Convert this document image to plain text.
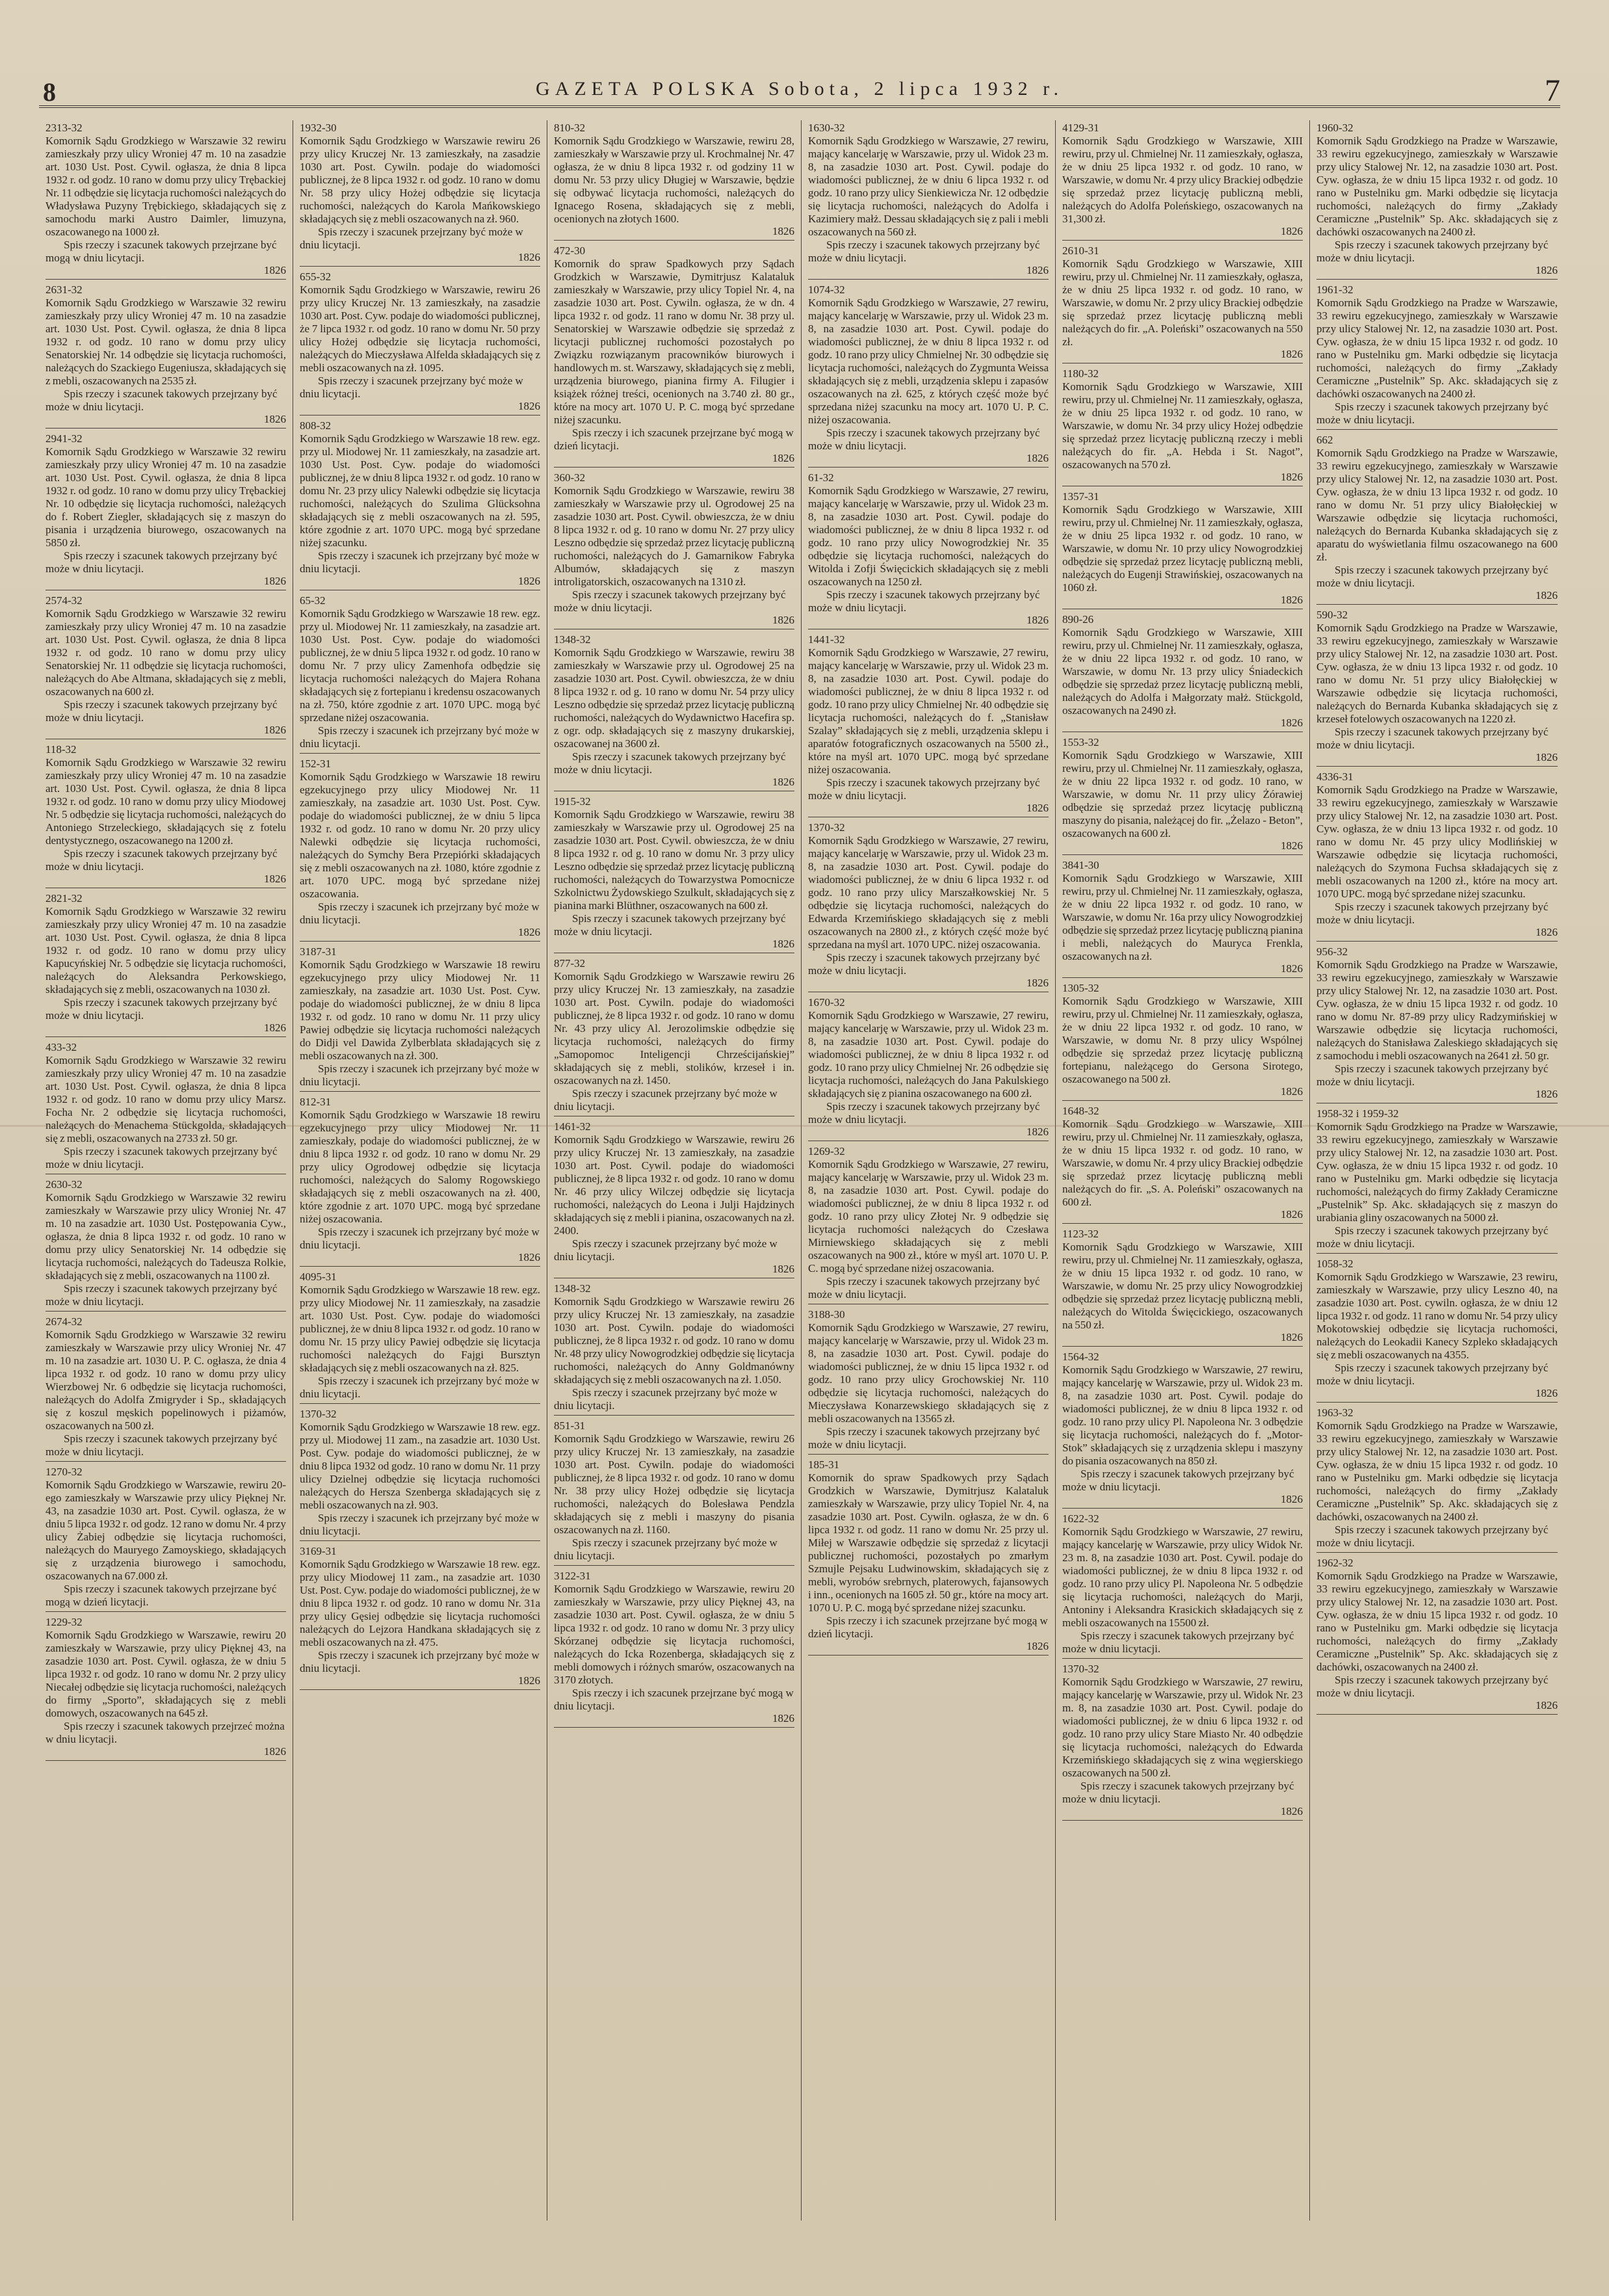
8	GAZETA POLSKA Sobota, 2 lipca 1932 r.	7
2313-32
Komornik Sądu Grodzkiego w Warszawie 32 rewiru zamieszkały przy ulicy Wroniej 47 m. 10 na zasadzie art. 1030 Ust. Post. Cywil. ogłasza, że dnia 8 lipca 1932 r. od godz. 10 rano w domu przy ulicy Trębackiej Nr. 11 odbędzie się licytacja ruchomości należących do Władysława Puzyny Trębickiego, składających się z samochodu marki Austro Daimler, limuzyna, oszacowanego na 1000 zł.
Spis rzeczy i szacunek takowych przejrzane być mogą w dniu licytacji.
1826
2631-32
Komornik Sądu Grodzkiego w Warszawie 32 rewiru zamieszkały przy ulicy Wroniej 47 m. 10 na zasadzie art. 1030 Ust. Post. Cywil. ogłasza, że dnia 8 lipca 1932 r. od godz. 10 rano w domu przy ulicy Senatorskiej Nr. 14 odbędzie się licytacja ruchomości, należących do Szackiego Eugeniusza, składających się z mebli, oszacowanych na 2535 zł.
Spis rzeczy i szacunek takowych przejrzany być może w dniu licytacji.
1826
2941-32
Komornik Sądu Grodzkiego w Warszawie 32 rewiru zamieszkały przy ulicy Wroniej 47 m. 10 na zasadzie art. 1030 Ust. Post. Cywil. ogłasza, że dnia 8 lipca 1932 r. od godz. 10 rano w domu przy ulicy Trębackiej Nr. 10 odbędzie się licytacja ruchomości, należących do f. Robert Ziegler, składających się z maszyn do pisania i urządzenia biurowego, oszacowanych na 5850 zł.
Spis rzeczy i szacunek takowych przejrzany być może w dniu licytacji.
1826
2574-32
Komornik Sądu Grodzkiego w Warszawie 32 rewiru zamieszkały przy ulicy Wroniej 47 m. 10 na zasadzie art. 1030 Ust. Post. Cywil. ogłasza, że dnia 8 lipca 1932 r. od godz. 10 rano w domu przy ulicy Senatorskiej Nr. 11 odbędzie się licytacja ruchomości, należących do Abe Altmana, składających się z mebli, oszacowanych na 600 zł.
Spis rzeczy i szacunek takowych przejrzany być może w dniu licytacji.
1826
118-32
Komornik Sądu Grodzkiego w Warszawie 32 rewiru zamieszkały przy ulicy Wroniej 47 m. 10 na zasadzie art. 1030 Ust. Post. Cywil. ogłasza, że dnia 8 lipca 1932 r. od godz. 10 rano w domu przy ulicy Miodowej Nr. 5 odbędzie się licytacja ruchomości, należących do Antoniego Strzeleckiego, składających się z fotelu dentystycznego, oszacowanego na 1200 zł.
Spis rzeczy i szacunek takowych przejrzany być może w dniu licytacji.
1826
2821-32
Komornik Sądu Grodzkiego w Warszawie 32 rewiru zamieszkały przy ulicy Wroniej 47 m. 10 na zasadzie art. 1030 Ust. Post. Cywil. ogłasza, że dnia 8 lipca 1932 r. od godz. 10 rano w domu przy ulicy Kapucyńskiej Nr. 5 odbędzie się licytacja ruchomości, należących do Aleksandra Perkowskiego, składających się z mebli, oszacowanych na 1030 zł.
Spis rzeczy i szacunek takowych przejrzany być może w dniu licytacji.
1826
433-32
Komornik Sądu Grodzkiego w Warszawie 32 rewiru zamieszkały przy ulicy Wroniej 47 m. 10 na zasadzie art. 1030 Ust. Post. Cywil. ogłasza, że dnia 8 lipca 1932 r. od godz. 10 rano w domu przy ulicy Marsz. Focha Nr. 2 odbędzie się licytacja ruchomości, należących do Menachema Stückgolda, składających się z mebli, oszacowanych na 2733 zł. 50 gr.
Spis rzeczy i szacunek takowych przejrzany być może w dniu licytacji.
2630-32
Komornik Sądu Grodzkiego w Warszawie 32 rewiru zamieszkały w Warszawie przy ulicy Wroniej Nr. 47 m. 10 na zasadzie art. 1030 Ust. Postępowania Cyw., ogłasza, że dnia 8 lipca 1932 r. od godz. 10 rano w domu przy ulicy Senatorskiej Nr. 14 odbędzie się licytacja ruchomości, należących do Tadeusza Rolkie, składających się z mebli, oszacowanych na 1100 zł.
Spis rzeczy i szacunek takowych przejrzany być może w dniu licytacji.
2674-32
Komornik Sądu Grodzkiego w Warszawie 32 rewiru zamieszkały w Warszawie przy ulicy Wroniej Nr. 47 m. 10 na zasadzie art. 1030 U. P. C. ogłasza, że dnia 4 lipca 1932 r. od godz. 10 rano w domu przy ulicy Wierzbowej Nr. 6 odbędzie się licytacja ruchomości, należących do Adolfa Zmigryder i Sp., składających się z koszul męskich popelinowych i piżamów, oszacowanych na 500 zł.
Spis rzeczy i szacunek takowych przejrzany być może w dniu licytacji.
1270-32
Komornik Sądu Grodzkiego w Warszawie, rewiru 20-ego zamieszkały w Warszawie przy ulicy Pięknej Nr. 43, na zasadzie 1030 art. Post. Cywil. ogłasza, że w dniu 5 lipca 1932 r. od godz. 12 rano w domu Nr. 4 przy ulicy Żabiej odbędzie się licytacja ruchomości, należących do Mauryego Zamoyskiego, składających się z urządzenia biurowego i samochodu, oszacowanych na 67.000 zł.
Spis rzeczy i szacunek takowych przejrzane być mogą w dzień licytacji.
1229-32
Komornik Sądu Grodzkiego w Warszawie, rewiru 20 zamieszkały w Warszawie, przy ulicy Pięknej 43, na zasadzie 1030 art. Post. Cywil. ogłasza, że w dniu 5 lipca 1932 r. od godz. 10 rano w domu Nr. 2 przy ulicy Niecałej odbędzie się licytacja ruchomości, należących do firmy „Sporto”, składających się z mebli domowych, oszacowanych na 645 zł.
Spis rzeczy i szacunek takowych przejrzeć można w dniu licytacji.
1826
1932-30
Komornik Sądu Grodzkiego w Warszawie rewiru 26 przy ulicy Kruczej Nr. 13 zamieszkały, na zasadzie 1030 art. Post. Cywiln. podaje do wiadomości publicznej, że 8 lipca 1932 r. od godz. 10 rano w domu Nr. 58 przy ulicy Hożej odbędzie się licytacja ruchomości, należących do Karola Mańkowskiego składających się z mebli oszacowanych na zł. 960.
Spis rzeczy i szacunek przejrzany być może w dniu licytacji.
1826
655-32
Komornik Sądu Grodzkiego w Warszawie, rewiru 26 przy ulicy Kruczej Nr. 13 zamieszkały, na zasadzie 1030 art. Post. Cyw. podaje do wiadomości publicznej, że 7 lipca 1932 r. od godz. 10 rano w domu Nr. 50 przy ulicy Hożej odbędzie się licytacja ruchomości, należących do Mieczysława Alfelda składających się z mebli oszacowanych na zł. 1095.
Spis rzeczy i szacunek przejrzany być może w dniu licytacji.
1826
808-32
Komornik Sądu Grodzkiego w Warszawie 18 rew. egz. przy ul. Miodowej Nr. 11 zamieszkały, na zasadzie art. 1030 Ust. Post. Cyw. podaje do wiadomości publicznej, że w dniu 8 lipca 1932 r. od godz. 10 rano w domu Nr. 23 przy ulicy Nalewki odbędzie się licytacja ruchomości, należących do Szulima Glücksohna składających się z mebli oszacowanych na zł. 595, które zgodnie z art. 1070 UPC. mogą być sprzedane niżej szacunku.
Spis rzeczy i szacunek ich przejrzany być może w dniu licytacji.
1826
65-32
Komornik Sądu Grodzkiego w Warszawie 18 rew. egz. przy ul. Miodowej Nr. 11 zamieszkały, na zasadzie art. 1030 Ust. Post. Cyw. podaje do wiadomości publicznej, że w dniu 5 lipca 1932 r. od godz. 10 rano w domu Nr. 7 przy ulicy Zamenhofa odbędzie się licytacja ruchomości należących do Majera Rohana składających się z fortepianu i kredensu oszacowanych na zł. 750, które zgodnie z art. 1070 UPC. mogą być sprzedane niżej oszacowania.
Spis rzeczy i szacunek ich przejrzany być może w dniu licytacji.
152-31
Komornik Sądu Grodzkiego w Warszawie 18 rewiru egzekucyjnego przy ulicy Miodowej Nr. 11 zamieszkały, na zasadzie art. 1030 Ust. Post. Cyw. podaje do wiadomości publicznej, że w dniu 5 lipca 1932 r. od godz. 10 rano w domu Nr. 20 przy ulicy Nalewki odbędzie się licytacja ruchomości, należących do Symchy Bera Przepiórki składających się z mebli oszacowanych na zł. 1080, które zgodnie z art. 1070 UPC. mogą być sprzedane niżej oszacowania.
Spis rzeczy i szacunek ich przejrzany być może w dniu licytacji.
1826
3187-31
Komornik Sądu Grodzkiego w Warszawie 18 rewiru egzekucyjnego przy ulicy Miodowej Nr. 11 zamieszkały, na zasadzie art. 1030 Ust. Post. Cyw. podaje do wiadomości publicznej, że w dniu 8 lipca 1932 r. od godz. 10 rano w domu Nr. 11 przy ulicy Pawiej odbędzie się licytacja ruchomości należących do Didji vel Dawida Zylberblata składających się z mebli oszacowanych na zł. 300.
Spis rzeczy i szacunek ich przejrzany być może w dniu licytacji.
812-31
Komornik Sądu Grodzkiego w Warszawie 18 rewiru egzekucyjnego przy ulicy Miodowej Nr. 11 zamieszkały, podaje do wiadomości publicznej, że w dniu 8 lipca 1932 r. od godz. 10 rano w domu Nr. 29 przy ulicy Ogrodowej odbędzie się licytacja ruchomości, należących do Salomy Rogowskiego składających się z mebli oszacowanych na zł. 400, które zgodnie z art. 1070 UPC. mogą być sprzedane niżej oszacowania.
Spis rzeczy i szacunek ich przejrzany być może w dniu licytacji.
1826
4095-31
Komornik Sądu Grodzkiego w Warszawie 18 rew. egz. przy ulicy Miodowej Nr. 11 zamieszkały, na zasadzie art. 1030 Ust. Post. Cyw. podaje do wiadomości publicznej, że w dniu 8 lipca 1932 r. od godz. 10 rano w domu Nr. 15 przy ulicy Pawiej odbędzie się licytacja ruchomości należących do Fajgi Bursztyn składających się z mebli oszacowanych na zł. 825.
Spis rzeczy i szacunek ich przejrzany być może w dniu licytacji.
1370-32
Komornik Sądu Grodzkiego w Warszawie 18 rew. egz. przy ul. Miodowej 11 zam., na zasadzie art. 1030 Ust. Post. Cyw. podaje do wiadomości publicznej, że w dniu 8 lipca 1932 od godz. 10 rano w domu Nr. 11 przy ulicy Dzielnej odbędzie się licytacja ruchomości należących do Herszа Szenberga składających się z mebli oszacowanych na zł. 903.
Spis rzeczy i szacunek ich przejrzany być może w dniu licytacji.
3169-31
Komornik Sądu Grodzkiego w Warszawie 18 rew. egz. przy ulicy Miodowej 11 zam., na zasadzie art. 1030 Ust. Post. Cyw. podaje do wiadomości publicznej, że w dniu 8 lipca 1932 r. od godz. 10 rano w domu Nr. 31a przy ulicy Gęsiej odbędzie się licytacja ruchomości należących do Lejzora Handkana składających się z mebli oszacowanych na zł. 475.
Spis rzeczy i szacunek ich przejrzany być może w dniu licytacji.
1826
810-32
Komornik Sądu Grodzkiego w Warszawie, rewiru 28, zamieszkały w Warszawie przy ul. Krochmalnej Nr. 47 ogłasza, że w dniu 8 lipca 1932 r. od godziny 11 w domu Nr. 53 przy ulicy Długiej w Warszawie, będzie się odbywać licytacja ruchomości, należących do Ignacego Rosena, składających się z mebli, ocenionych na złotych 1600.
1826
472-30
Komornik do spraw Spadkowych przy Sądach Grodzkich w Warszawie, Dymitrjusz Kalataluk zamieszkały w Warszawie, przy ulicy Topiel Nr. 4, na zasadzie 1030 art. Post. Cywiln. ogłasza, że w dn. 4 lipca 1932 r. od godz. 11 rano w domu Nr. 38 przy ul. Senatorskiej w Warszawie odbędzie się sprzedaż z licytacji publicznej ruchomości pozostałych po Związku rozwiązanym pracowników biurowych i handlowych m. st. Warszawy, składających się z mebli, urządzenia biurowego, pianina firmy A. Filugier i książek różnej treści, ocenionych na 3.740 zł. 80 gr., które na mocy art. 1070 U. P. C. mogą być sprzedane niżej szacunku.
Spis rzeczy i ich szacunek przejrzane być mogą w dzień licytacji.
1826
360-32
Komornik Sądu Grodzkiego w Warszawie, rewiru 38 zamieszkały w Warszawie przy ul. Ogrodowej 25 na zasadzie 1030 art. Post. Cywil. obwieszcza, że w dniu 8 lipca 1932 r. od g. 10 rano w domu Nr. 27 przy ulicy Leszno odbędzie się sprzedaż przez licytację publiczną ruchomości, należących do J. Gamarnikow Fabryka Albumów, składających się z maszyn introligatorskich, oszacowanych na 1310 zł.
Spis rzeczy i szacunek takowych przejrzany być może w dniu licytacji.
1826
1348-32
Komornik Sądu Grodzkiego w Warszawie, rewiru 38 zamieszkały w Warszawie przy ul. Ogrodowej 25 na zasadzie 1030 art. Post. Cywil. obwieszcza, że w dniu 8 lipca 1932 r. od g. 10 rano w domu Nr. 54 przy ulicy Leszno odbędzie się sprzedaż przez licytację publiczną ruchomości, należących do Wydawnictwo Hacefira sp. z ogr. odp. składających się z maszyny drukarskiej, oszacowanej na 3600 zł.
Spis rzeczy i szacunek takowych przejrzany być może w dniu licytacji.
1826
1915-32
Komornik Sądu Grodzkiego w Warszawie, rewiru 38 zamieszkały w Warszawie przy ul. Ogrodowej 25 na zasadzie 1030 art. Post. Cywil. obwieszcza, że w dniu 8 lipca 1932 r. od g. 10 rano w domu Nr. 3 przy ulicy Leszno odbędzie się sprzedaż przez licytację publiczną ruchomości, należących do Towarzystwa Pomocnicze Szkolnictwu Żydowskiego Szulkult, składających się z pianina marki Blüthner, oszacowanych na 600 zł.
Spis rzeczy i szacunek takowych przejrzany być może w dniu licytacji.
1826
877-32
Komornik Sądu Grodzkiego w Warszawie rewiru 26 przy ulicy Kruczej Nr. 13 zamieszkały, na zasadzie 1030 art. Post. Cywiln. podaje do wiadomości publicznej, że 8 lipca 1932 r. od godz. 10 rano w domu Nr. 43 przy ulicy Al. Jerozolimskie odbędzie się licytacja ruchomości, należących do firmy „Samopomoc Inteligencji Chrześcijańskiej” składających się z mebli, stolików, krzeseł i in. oszacowanych na zł. 1450.
Spis rzeczy i szacunek przejrzany być może w dniu licytacji.
1461-32
Komornik Sądu Grodzkiego w Warszawie, rewiru 26 przy ulicy Kruczej Nr. 13 zamieszkały, na zasadzie 1030 art. Post. Cywil. podaje do wiadomości publicznej, że 8 lipca 1932 r. od godz. 10 rano w domu Nr. 46 przy ulicy Wilczej odbędzie się licytacja ruchomości, należących do Leona i Julji Hajdzinych składających się z mebli i pianina, oszacowanych na zł. 2400.
Spis rzeczy i szacunek przejrzany być może w dniu licytacji.
1826
1348-32
Komornik Sądu Grodzkiego w Warszawie rewiru 26 przy ulicy Kruczej Nr. 13 zamieszkały, na zasadzie 1030 art. Post. Cywiln. podaje do wiadomości publicznej, że 8 lipca 1932 r. od godz. 10 rano w domu Nr. 48 przy ulicy Nowogrodzkiej odbędzie się licytacja ruchomości, należących do Anny Goldmanówny składających się z mebli oszacowanych na zł. 1.050.
Spis rzeczy i szacunek przejrzany być może w dniu licytacji.
851-31
Komornik Sądu Grodzkiego w Warszawie, rewiru 26 przy ulicy Kruczej Nr. 13 zamieszkały, na zasadzie 1030 art. Post. Cywiln. podaje do wiadomości publicznej, że 8 lipca 1932 r. od godz. 10 rano w domu Nr. 38 przy ulicy Hożej odbędzie się licytacja ruchomości, należących do Bolesława Pendzla składających się z mebli i maszyny do pisania oszacowanych na zł. 1160.
Spis rzeczy i szacunek przejrzany być może w dniu licytacji.
3122-31
Komornik Sądu Grodzkiego w Warszawie, rewiru 20 zamieszkały w Warszawie, przy ulicy Pięknej 43, na zasadzie 1030 art. Post. Cywil. ogłasza, że w dniu 5 lipca 1932 r. od godz. 10 rano w domu Nr. 3 przy ulicy Skórzanej odbędzie się licytacja ruchomości, należących do Icka Rozenberga, składających się z mebli domowych i różnych smarów, oszacowanych na 3170 złotych.
Spis rzeczy i ich szacunek przejrzane być mogą w dniu licytacji.
1826
1630-32
Komornik Sądu Grodzkiego w Warszawie, 27 rewiru, mający kancelarję w Warszawie, przy ul. Widok 23 m. 8, na zasadzie 1030 art. Post. Cywil. podaje do wiadomości publicznej, że w dniu 6 lipca 1932 r. od godz. 10 rano przy ulicy Sienkiewicza Nr. 12 odbędzie się licytacja ruchomości, należących do Adolfa i Kazimiery małż. Dessau składających się z pali i mebli oszacowanych na 560 zł.
Spis rzeczy i szacunek takowych przejrzany być może w dniu licytacji.
1826
1074-32
Komornik Sądu Grodzkiego w Warszawie, 27 rewiru, mający kancelarję w Warszawie, przy ul. Widok 23 m. 8, na zasadzie 1030 art. Post. Cywil. podaje do wiadomości publicznej, że w dniu 8 lipca 1932 r. od godz. 10 rano przy ulicy Chmielnej Nr. 30 odbędzie się licytacja ruchomości, należących do Zygmunta Weissa składających się z mebli, urządzenia sklepu i zapasów oszacowanych na zł. 625, z których część może być sprzedana niżej szacunku na mocy art. 1070 U. P. C. niżej oszacowania.
Spis rzeczy i szacunek takowych przejrzany być może w dniu licytacji.
1826
61-32
Komornik Sądu Grodzkiego w Warszawie, 27 rewiru, mający kancelarję w Warszawie, przy ul. Widok 23 m. 8, na zasadzie 1030 art. Post. Cywil. podaje do wiadomości publicznej, że w dniu 8 lipca 1932 r. od godz. 10 rano przy ulicy Nowogrodzkiej Nr. 35 odbędzie się licytacja ruchomości, należących do Witolda i Zofji Święcickich składających się z mebli oszacowanych na 1250 zł.
Spis rzeczy i szacunek takowych przejrzany być może w dniu licytacji.
1826
1441-32
Komornik Sądu Grodzkiego w Warszawie, 27 rewiru, mający kancelarję w Warszawie, przy ul. Widok 23 m. 8, na zasadzie 1030 art. Post. Cywil. podaje do wiadomości publicznej, że w dniu 8 lipca 1932 r. od godz. 10 rano przy ulicy Chmielnej Nr. 40 odbędzie się licytacja ruchomości, należących do f. „Stanisław Szalay” składających się z mebli, urządzenia sklepu i aparatów fotograficznych oszacowanych na 5500 zł., które na myśl art. 1070 UPC. mogą być sprzedane niżej oszacowania.
Spis rzeczy i szacunek takowych przejrzany być może w dniu licytacji.
1826
1370-32
Komornik Sądu Grodzkiego w Warszawie, 27 rewiru, mający kancelarję w Warszawie, przy ul. Widok 23 m. 8, na zasadzie 1030 art. Post. Cywil. podaje do wiadomości publicznej, że w dniu 6 lipca 1932 r. od godz. 10 rano przy ulicy Marszałkowskiej Nr. 5 odbędzie się licytacja ruchomości, należących do Edwarda Krzemińskiego składających się z mebli oszacowanych na 2800 zł., z których część może być sprzedana na myśl art. 1070 UPC. niżej oszacowania.
Spis rzeczy i szacunek takowych przejrzany być może w dniu licytacji.
1826
1670-32
Komornik Sądu Grodzkiego w Warszawie, 27 rewiru, mający kancelarję w Warszawie, przy ul. Widok 23 m. 8, na zasadzie 1030 art. Post. Cywil. podaje do wiadomości publicznej, że w dniu 8 lipca 1932 r. od godz. 10 rano przy ulicy Chmielnej Nr. 26 odbędzie się licytacja ruchomości, należących do Jana Pakulskiego składających się z pianina oszacowanego na 600 zł.
Spis rzeczy i szacunek takowych przejrzany być może w dniu licytacji.
1826
1269-32
Komornik Sądu Grodzkiego w Warszawie, 27 rewiru, mający kancelarję w Warszawie, przy ul. Widok 23 m. 8, na zasadzie 1030 art. Post. Cywil. podaje do wiadomości publicznej, że w dniu 8 lipca 1932 r. od godz. 10 rano przy ulicy Złotej Nr. 9 odbędzie się licytacja ruchomości należących do Czesława Mirniewskiego składających się z mebli oszacowanych na 900 zł., które w myśl art. 1070 U. P. C. mogą być sprzedane niżej oszacowania.
Spis rzeczy i szacunek takowych przejrzany być może w dniu licytacji.
3188-30
Komornik Sądu Grodzkiego w Warszawie, 27 rewiru, mający kancelarję w Warszawie, przy ul. Widok 23 m. 8, na zasadzie 1030 art. Post. Cywil. podaje do wiadomości publicznej, że w dniu 15 lipca 1932 r. od godz. 10 rano przy ulicy Grochowskiej Nr. 110 odbędzie się licytacja ruchomości, należących do Mieczysława Konarzewskiego składających się z mebli oszacowanych na 13565 zł.
Spis rzeczy i szacunek takowych przejrzany być może w dniu licytacji.
185-31
Komornik do spraw Spadkowych przy Sądach Grodzkich w Warszawie, Dymitrjusz Kalataluk zamieszkały w Warszawie, przy ulicy Topiel Nr. 4, na zasadzie 1030 art. Post. Cywiln. ogłasza, że w dn. 6 lipca 1932 r. od godz. 11 rano w domu Nr. 25 przy ul. Miłej w Warszawie odbędzie się sprzedaż z licytacji publicznej ruchomości, pozostałych po zmarłym Szmujle Pejsaku Ludwinowskim, składających się z mebli, wyrobów srebrnych, platerowych, fajansowych i inn., ocenionych na 1605 zł. 50 gr., które na mocy art. 1070 U. P. C. mogą być sprzedane niżej szacunku.
Spis rzeczy i ich szacunek przejrzane być mogą w dzień licytacji.
1826
4129-31
Komornik Sądu Grodzkiego w Warszawie, XIII rewiru, przy ul. Chmielnej Nr. 11 zamieszkały, ogłasza, że w dniu 25 lipca 1932 r. od godz. 10 rano, w Warszawie, w domu Nr. 4 przy ulicy Brackiej odbędzie się sprzedaż przez licytację publiczną mebli, należących do Adolfa Poleńskiego, oszacowanych na 31,300 zł.
1826
2610-31
Komornik Sądu Grodzkiego w Warszawie, XIII rewiru, przy ul. Chmielnej Nr. 11 zamieszkały, ogłasza, że w dniu 25 lipca 1932 r. od godz. 10 rano, w Warszawie, w domu Nr. 2 przy ulicy Brackiej odbędzie się sprzedaż przez licytację publiczną mebli należących do fir. „A. Poleński” oszacowanych na 550 zł.
1826
1180-32
Komornik Sądu Grodzkiego w Warszawie, XIII rewiru, przy ul. Chmielnej Nr. 11 zamieszkały, ogłasza, że w dniu 25 lipca 1932 r. od godz. 10 rano, w Warszawie, w domu Nr. 34 przy ulicy Hożej odbędzie się sprzedaż przez licytację publiczną rzeczy i mebli należących do fir. „A. Hebda i St. Nagot”, oszacowanych na 570 zł.
1826
1357-31
Komornik Sądu Grodzkiego w Warszawie, XIII rewiru, przy ul. Chmielnej Nr. 11 zamieszkały, ogłasza, że w dniu 25 lipca 1932 r. od godz. 10 rano, w Warszawie, w domu Nr. 10 przy ulicy Nowogrodzkiej odbędzie się sprzedaż przez licytację publiczną mebli, należących do Eugenji Strawińskiej, oszacowanych na 1060 zł.
1826
890-26
Komornik Sądu Grodzkiego w Warszawie, XIII rewiru, przy ul. Chmielnej Nr. 11 zamieszkały, ogłasza, że w dniu 22 lipca 1932 r. od godz. 10 rano, w Warszawie, w domu Nr. 13 przy ulicy Śniadeckich odbędzie się sprzedaż przez licytację publiczną mebli, należących do Adolfa i Małgorzaty małż. Stückgold, oszacowanych na 2490 zł.
1826
1553-32
Komornik Sądu Grodzkiego w Warszawie, XIII rewiru, przy ul. Chmielnej Nr. 11 zamieszkały, ogłasza, że w dniu 22 lipca 1932 r. od godz. 10 rano, w Warszawie, w domu Nr. 11 przy ulicy Żórawiej odbędzie się sprzedaż przez licytację publiczną maszyny do pisania, należącej do fir. „Żelazo - Beton”, oszacowanych na 600 zł.
1826
3841-30
Komornik Sądu Grodzkiego w Warszawie, XIII rewiru, przy ul. Chmielnej Nr. 11 zamieszkały, ogłasza, że w dniu 22 lipca 1932 r. od godz. 10 rano, w Warszawie, w domu Nr. 16a przy ulicy Nowogrodzkiej odbędzie się sprzedaż przez licytację publiczną pianina i mebli, należących do Maurycа Frenkla, oszacowanych na zł.
1826
1305-32
Komornik Sądu Grodzkiego w Warszawie, XIII rewiru, przy ul. Chmielnej Nr. 11 zamieszkały, ogłasza, że w dniu 22 lipca 1932 r. od godz. 10 rano, w Warszawie, w domu Nr. 8 przy ulicy Wspólnej odbędzie się sprzedaż przez licytację publiczną fortepianu, należącego do Gersona Sirotego, oszacowanego na 500 zł.
1826
1648-32
Komornik Sądu Grodzkiego w Warszawie, XIII rewiru, przy ul. Chmielnej Nr. 11 zamieszkały, ogłasza, że w dniu 15 lipca 1932 r. od godz. 10 rano, w Warszawie, w domu Nr. 4 przy ulicy Brackiej odbędzie się sprzedaż przez licytację publiczną mebli należących do fir. „S. A. Poleński” oszacowanych na 600 zł.
1826
1123-32
Komornik Sądu Grodzkiego w Warszawie, XIII rewiru, przy ul. Chmielnej Nr. 11 zamieszkały, ogłasza, że w dniu 15 lipca 1932 r. od godz. 10 rano, w Warszawie, w domu Nr. 25 przy ulicy Nowogrodzkiej odbędzie się sprzedaż przez licytację publiczną mebli, należących do Witolda Święcickiego, oszacowanych na 550 zł.
1826
1564-32
Komornik Sądu Grodzkiego w Warszawie, 27 rewiru, mający kancelarję w Warszawie, przy ul. Widok 23 m. 8, na zasadzie 1030 art. Post. Cywil. podaje do wiadomości publicznej, że w dniu 8 lipca 1932 r. od godz. 10 rano przy ulicy Pl. Napoleona Nr. 3 odbędzie się licytacja ruchomości, należących do f. „Motor-Stok” składających się z urządzenia sklepu i maszyny do pisania oszacowanych na 850 zł.
Spis rzeczy i szacunek takowych przejrzany być może w dniu licytacji.
1826
1622-32
Komornik Sądu Grodzkiego w Warszawie, 27 rewiru, mający kancelarję w Warszawie, przy ulicy Widok Nr. 23 m. 8, na zasadzie 1030 art. Post. Cywil. podaje do wiadomości publicznej, że w dniu 8 lipca 1932 r. od godz. 10 rano przy ulicy Pl. Napoleona Nr. 5 odbędzie się licytacja ruchomości, należących do Marji, Antoniny i Aleksandra Krasickich składających się z mebli oszacowanych na 15500 zł.
Spis rzeczy i szacunek takowych przejrzany być może w dniu licytacji.
1370-32
Komornik Sądu Grodzkiego w Warszawie, 27 rewiru, mający kancelarję w Warszawie, przy ul. Widok Nr. 23 m. 8, na zasadzie 1030 art. Post. Cywil. podaje do wiadomości publicznej, że w dniu 6 lipca 1932 r. od godz. 10 rano przy ulicy Stare Miasto Nr. 40 odbędzie się licytacja ruchomości, należących do Edwarda Krzemińskiego składających się z wina węgierskiego oszacowanych na 500 zł.
Spis rzeczy i szacunek takowych przejrzany być może w dniu licytacji.
1826
1960-32
Komornik Sądu Grodzkiego na Pradze w Warszawie, 33 rewiru egzekucyjnego, zamieszkały w Warszawie przy ulicy Stalowej Nr. 12, na zasadzie 1030 art. Post. Cyw. ogłasza, że w dniu 15 lipca 1932 r. od godz. 10 rano w Pustelniku gm. Marki odbędzie się licytacja ruchomości, należących do firmy „Zakłady Ceramiczne „Pustelnik” Sp. Akc. składających się z dachówki oszacowanych na 2400 zł.
Spis rzeczy i szacunek takowych przejrzany być może w dniu licytacji.
1826
1961-32
Komornik Sądu Grodzkiego na Pradze w Warszawie, 33 rewiru egzekucyjnego, zamieszkały w Warszawie przy ulicy Stalowej Nr. 12, na zasadzie 1030 art. Post. Cyw. ogłasza, że w dniu 15 lipca 1932 r. od godz. 10 rano w Pustelniku gm. Marki odbędzie się licytacja ruchomości, należących do firmy „Zakłady Ceramiczne „Pustelnik” Sp. Akc. składających się z dachówki oszacowanych na 2400 zł.
Spis rzeczy i szacunek takowych przejrzany być może w dniu licytacji.
662
Komornik Sądu Grodzkiego na Pradze w Warszawie, 33 rewiru egzekucyjnego, zamieszkały w Warszawie przy ulicy Stalowej Nr. 12, na zasadzie 1030 art. Post. Cyw. ogłasza, że w dniu 13 lipca 1932 r. od godz. 10 rano w domu Nr. 51 przy ulicy Białołęckiej w Warszawie odbędzie się licytacja ruchomości, należących do Bernarda Kubanka składających się z aparatu do wyświetlania filmu oszacowanego na 600 zł.
Spis rzeczy i szacunek takowych przejrzany być może w dniu licytacji.
1826
590-32
Komornik Sądu Grodzkiego na Pradze w Warszawie, 33 rewiru egzekucyjnego, zamieszkały w Warszawie przy ulicy Stalowej Nr. 12, na zasadzie 1030 art. Post. Cyw. ogłasza, że w dniu 13 lipca 1932 r. od godz. 10 rano w domu Nr. 51 przy ulicy Białołęckiej w Warszawie odbędzie się licytacja ruchomości, należących do Bernarda Kubanka składających się z krzeseł fotelowych oszacowanych na 1220 zł.
Spis rzeczy i szacunek takowych przejrzany być może w dniu licytacji.
1826
4336-31
Komornik Sądu Grodzkiego na Pradze w Warszawie, 33 rewiru egzekucyjnego, zamieszkały w Warszawie przy ulicy Stalowej Nr. 12, na zasadzie 1030 art. Post. Cyw. ogłasza, że w dniu 13 lipca 1932 r. od godz. 10 rano w domu Nr. 45 przy ulicy Modlińskiej w Warszawie odbędzie się licytacja ruchomości, należących do Szymona Fuchsa składających się z mebli oszacowanych na 1200 zł., które na mocy art. 1070 UPC. mogą być sprzedane niżej szacunku.
Spis rzeczy i szacunek takowych przejrzany być może w dniu licytacji.
1826
956-32
Komornik Sądu Grodzkiego na Pradze w Warszawie, 33 rewiru egzekucyjnego, zamieszkały w Warszawie przy ulicy Stalowej Nr. 12, na zasadzie 1030 art. Post. Cyw. ogłasza, że w dniu 15 lipca 1932 r. od godz. 10 rano w domu Nr. 87-89 przy ulicy Radzymińskiej w Warszawie odbędzie się licytacja ruchomości, należących do Stanisława Zaleskiego składających się z samochodu i mebli oszacowanych na 2641 zł. 50 gr.
Spis rzeczy i szacunek takowych przejrzany być może w dniu licytacji.
1826
1958-32 i 1959-32
Komornik Sądu Grodzkiego na Pradze w Warszawie, 33 rewiru egzekucyjnego, zamieszkały w Warszawie przy ulicy Stalowej Nr. 12, na zasadzie 1030 art. Post. Cyw. ogłasza, że w dniu 15 lipca 1932 r. od godz. 10 rano w Pustelniku gm. Marki odbędzie się licytacja ruchomości, należących do firmy Zakłady Ceramiczne „Pustelnik” Sp. Akc. składających się z maszyn do urabiania gliny oszacowanych na 5000 zł.
Spis rzeczy i szacunek takowych przejrzany być może w dniu licytacji.
1058-32
Komornik Sądu Grodzkiego w Warszawie, 23 rewiru, zamieszkały w Warszawie, przy ulicy Leszno 40, na zasadzie 1030 art. Post. cywiln. ogłasza, że w dniu 12 lipca 1932 r. od godz. 11 rano w domu Nr. 54 przy ulicy Mokotowskiej odbędzie się licytacja ruchomości, należących do Leokadii Kanecy Szpleko składających się z mebli oszacowanych na 4355.
Spis rzeczy i szacunek takowych przejrzany być może w dniu licytacji.
1826
1963-32
Komornik Sądu Grodzkiego na Pradze w Warszawie, 33 rewiru egzekucyjnego, zamieszkały w Warszawie przy ulicy Stalowej Nr. 12, na zasadzie 1030 art. Post. Cyw. ogłasza, że w dniu 15 lipca 1932 r. od godz. 10 rano w Pustelniku gm. Marki odbędzie się licytacja ruchomości, należących do firmy „Zakłady Ceramiczne „Pustelnik” Sp. Akc. składających się z dachówki, oszacowanych na 2400 zł.
Spis rzeczy i szacunek takowych przejrzany być może w dniu licytacji.
1962-32
Komornik Sądu Grodzkiego na Pradze w Warszawie, 33 rewiru egzekucyjnego, zamieszkały w Warszawie przy ulicy Stalowej Nr. 12, na zasadzie 1030 art. Post. Cyw. ogłasza, że w dniu 15 lipca 1932 r. od godz. 10 rano w Pustelniku gm. Marki odbędzie się licytacja ruchomości, należących do firmy „Zakłady Ceramiczne „Pustelnik” Sp. Akc. składających się z dachówki, oszacowanych na 2400 zł.
Spis rzeczy i szacunek takowych przejrzany być może w dniu licytacji.
1826
